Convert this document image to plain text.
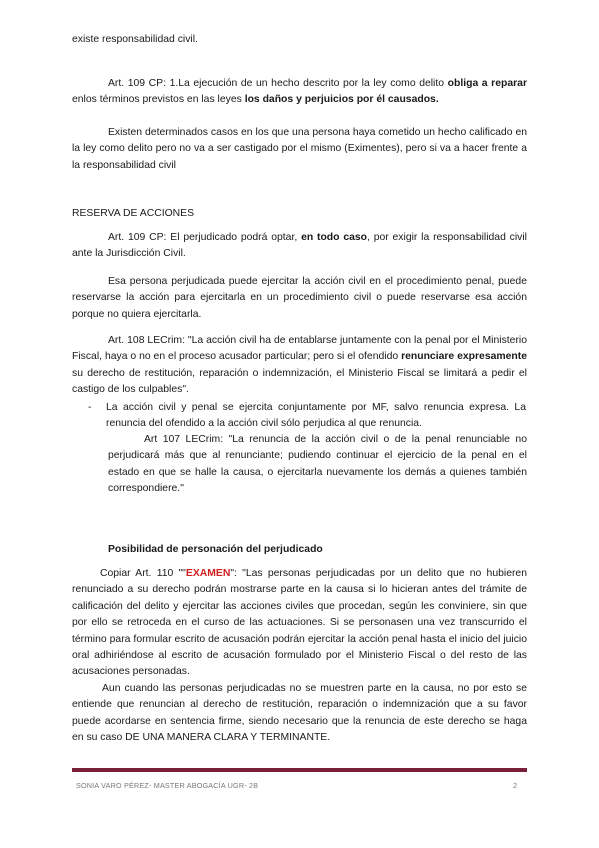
existe responsabilidad civil.

Art. 109 CP: 1.La ejecución de un hecho descrito por la ley como delito obliga a reparar enlos términos previstos en las leyes los daños y perjuicios por él causados.

Existen determinados casos en los que una persona haya cometido un hecho calificado en la ley como delito pero no va a ser castigado por el mismo (Eximentes), pero si va a hacer frente a la responsabilidad civil

RESERVA DE ACCIONES

Art. 109 CP: El perjudicado podrá optar, en todo caso, por exigir la responsabilidad civil ante la Jurisdicción Civil.

Esa persona perjudicada puede ejercitar la acción civil en el procedimiento penal, puede reservarse la acción para ejercitarla en un procedimiento civil o puede reservarse esa acción porque no quiera ejercitarla.

Art. 108 LECrim: "La acción civil ha de entablarse juntamente con la penal por el Ministerio Fiscal, haya o no en el proceso acusador particular; pero si el ofendido renunciare expresamente su derecho de restitución, reparación o indemnización, el Ministerio Fiscal se limitará a pedir el castigo de los culpables".

- La acción civil y penal se ejercita conjuntamente por MF, salvo renuncia expresa. La renuncia del ofendido a la acción civil sólo perjudica al que renuncia.

Art 107 LECrim: "La renuncia de la acción civil o de la penal renunciable no perjudicará más que al renunciante; pudiendo continuar el ejercicio de la penal en el estado en que se halle la causa, o ejercitarla nuevamente los demás a quienes también correspondiere."

Posibilidad de personación del perjudicado

Copiar Art. 110 ""EXAMEN": "Las personas perjudicadas por un delito que no hubieren renunciado a su derecho podrán mostrarse parte en la causa si lo hicieran antes del trámite de calificación del delito y ejercitar las acciones civiles que procedan, según les conviniere, sin que por ello se retroceda en el curso de las actuaciones. Si se personasen una vez transcurrido el término para formular escrito de acusación podrán ejercitar la acción penal hasta el inicio del juicio oral adhiriéndose al escrito de acusación formulado por el Ministerio Fiscal o del resto de las acusaciones personadas.

Aun cuando las personas perjudicadas no se muestren parte en la causa, no por esto se entiende que renuncian al derecho de restitución, reparación o indemnización que a su favor puede acordarse en sentencia firme, siendo necesario que la renuncia de este derecho se haga en su caso DE UNA MANERA CLARA Y TERMINANTE.

SONIA VARO PÉREZ- MASTER ABOGACÍA UGR- 2B	2
